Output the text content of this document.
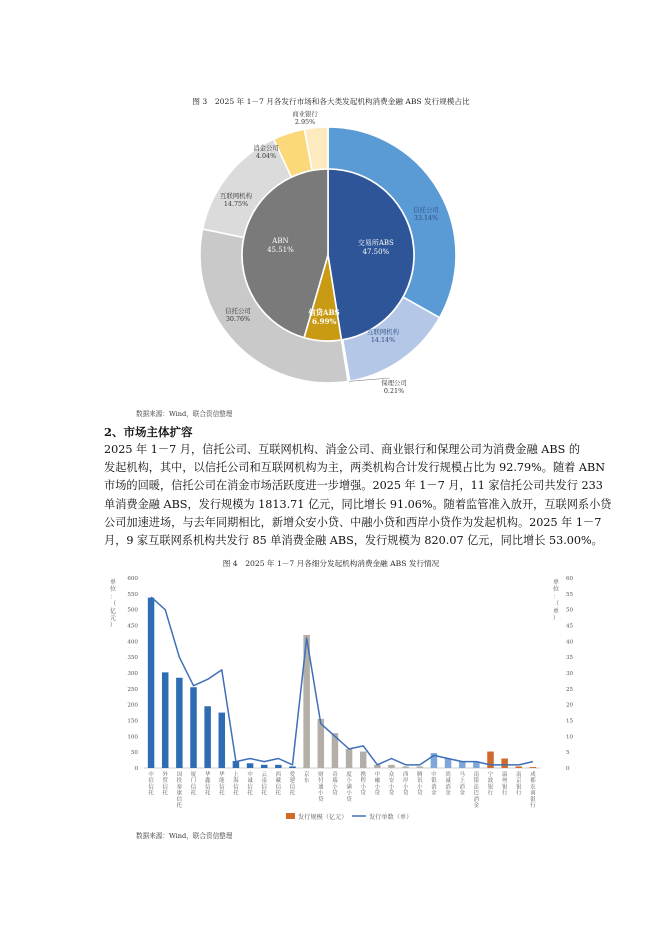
图 3　2025 年 1－7 月各发行市场和各大类发起机构消费金融 ABS 发行规模占比
交易所ABS
47.50%
信贷ABS
6.99%
ABN
45.51%
信托公司
33.14%
互联网机构
14.14%
保理公司
0.21%
信托公司
30.76%
互联网机构
14.75%
消金公司
4.04%
商业银行
2.95%
数据来源：Wind，联合资信整理
2、市场主体扩容

2025 年 1－7 月，信托公司、互联网机构、消金公司、商业银行和保理公司为消费金融 ABS 的
发起机构，其中，以信托公司和互联网机构为主，两类机构合计发行规模占比为 92.79%。随着 ABN
市场的回暖，信托公司在消金市场活跃度进一步增强。2025 年 1－7 月，11 家信托公司共发行 233
单消费金融 ABS，发行规模为 1813.71 亿元，同比增长 91.06%。随着监管准入放开，互联网系小贷
公司加速进场，与去年同期相比，新增众安小贷、中融小贷和西岸小贷作为发起机构。2025 年 1－7
月，9 家互联网系机构共发行 85 单消费金融 ABS，发行规模为 820.07 亿元，同比增长 53.00%。

图 4　2025 年 1－7 月各细分发起机构消费金融 ABS 发行情况
0
50
100
150
200
250
300
350
400
450
500
550
600
0
5
10
15
20
25
30
35
40
45
50
55
60
单
位
：
（
亿
元
）
单
位
：
（
单
）
中
信
信
托
外
贸
信
托
国
投
泰
康
信
托
厦
门
信
托
华
鑫
信
托
华
能
信
托
上
海
信
托
中
诚
信
托
云
南
信
托
西
藏
信
托
爱
建
信
托
京
东
财
付
通
小
贷
奇
瑞
小
贷
度
小
满
小
贷
携
程
小
贷
中
融
小
贷
众
安
小
贷
西
岸
小
贷
腾
讯
小
贷
中
银
消
金
尚
诚
消
金
马
上
消
金
南
银
法
巴
消
金
宁
波
银
行
温
州
银
行
南
京
银
行
成
都
农
商
银
行
发行规模（亿元）	发行单数（单）
数据来源：Wind，联合资信整理
